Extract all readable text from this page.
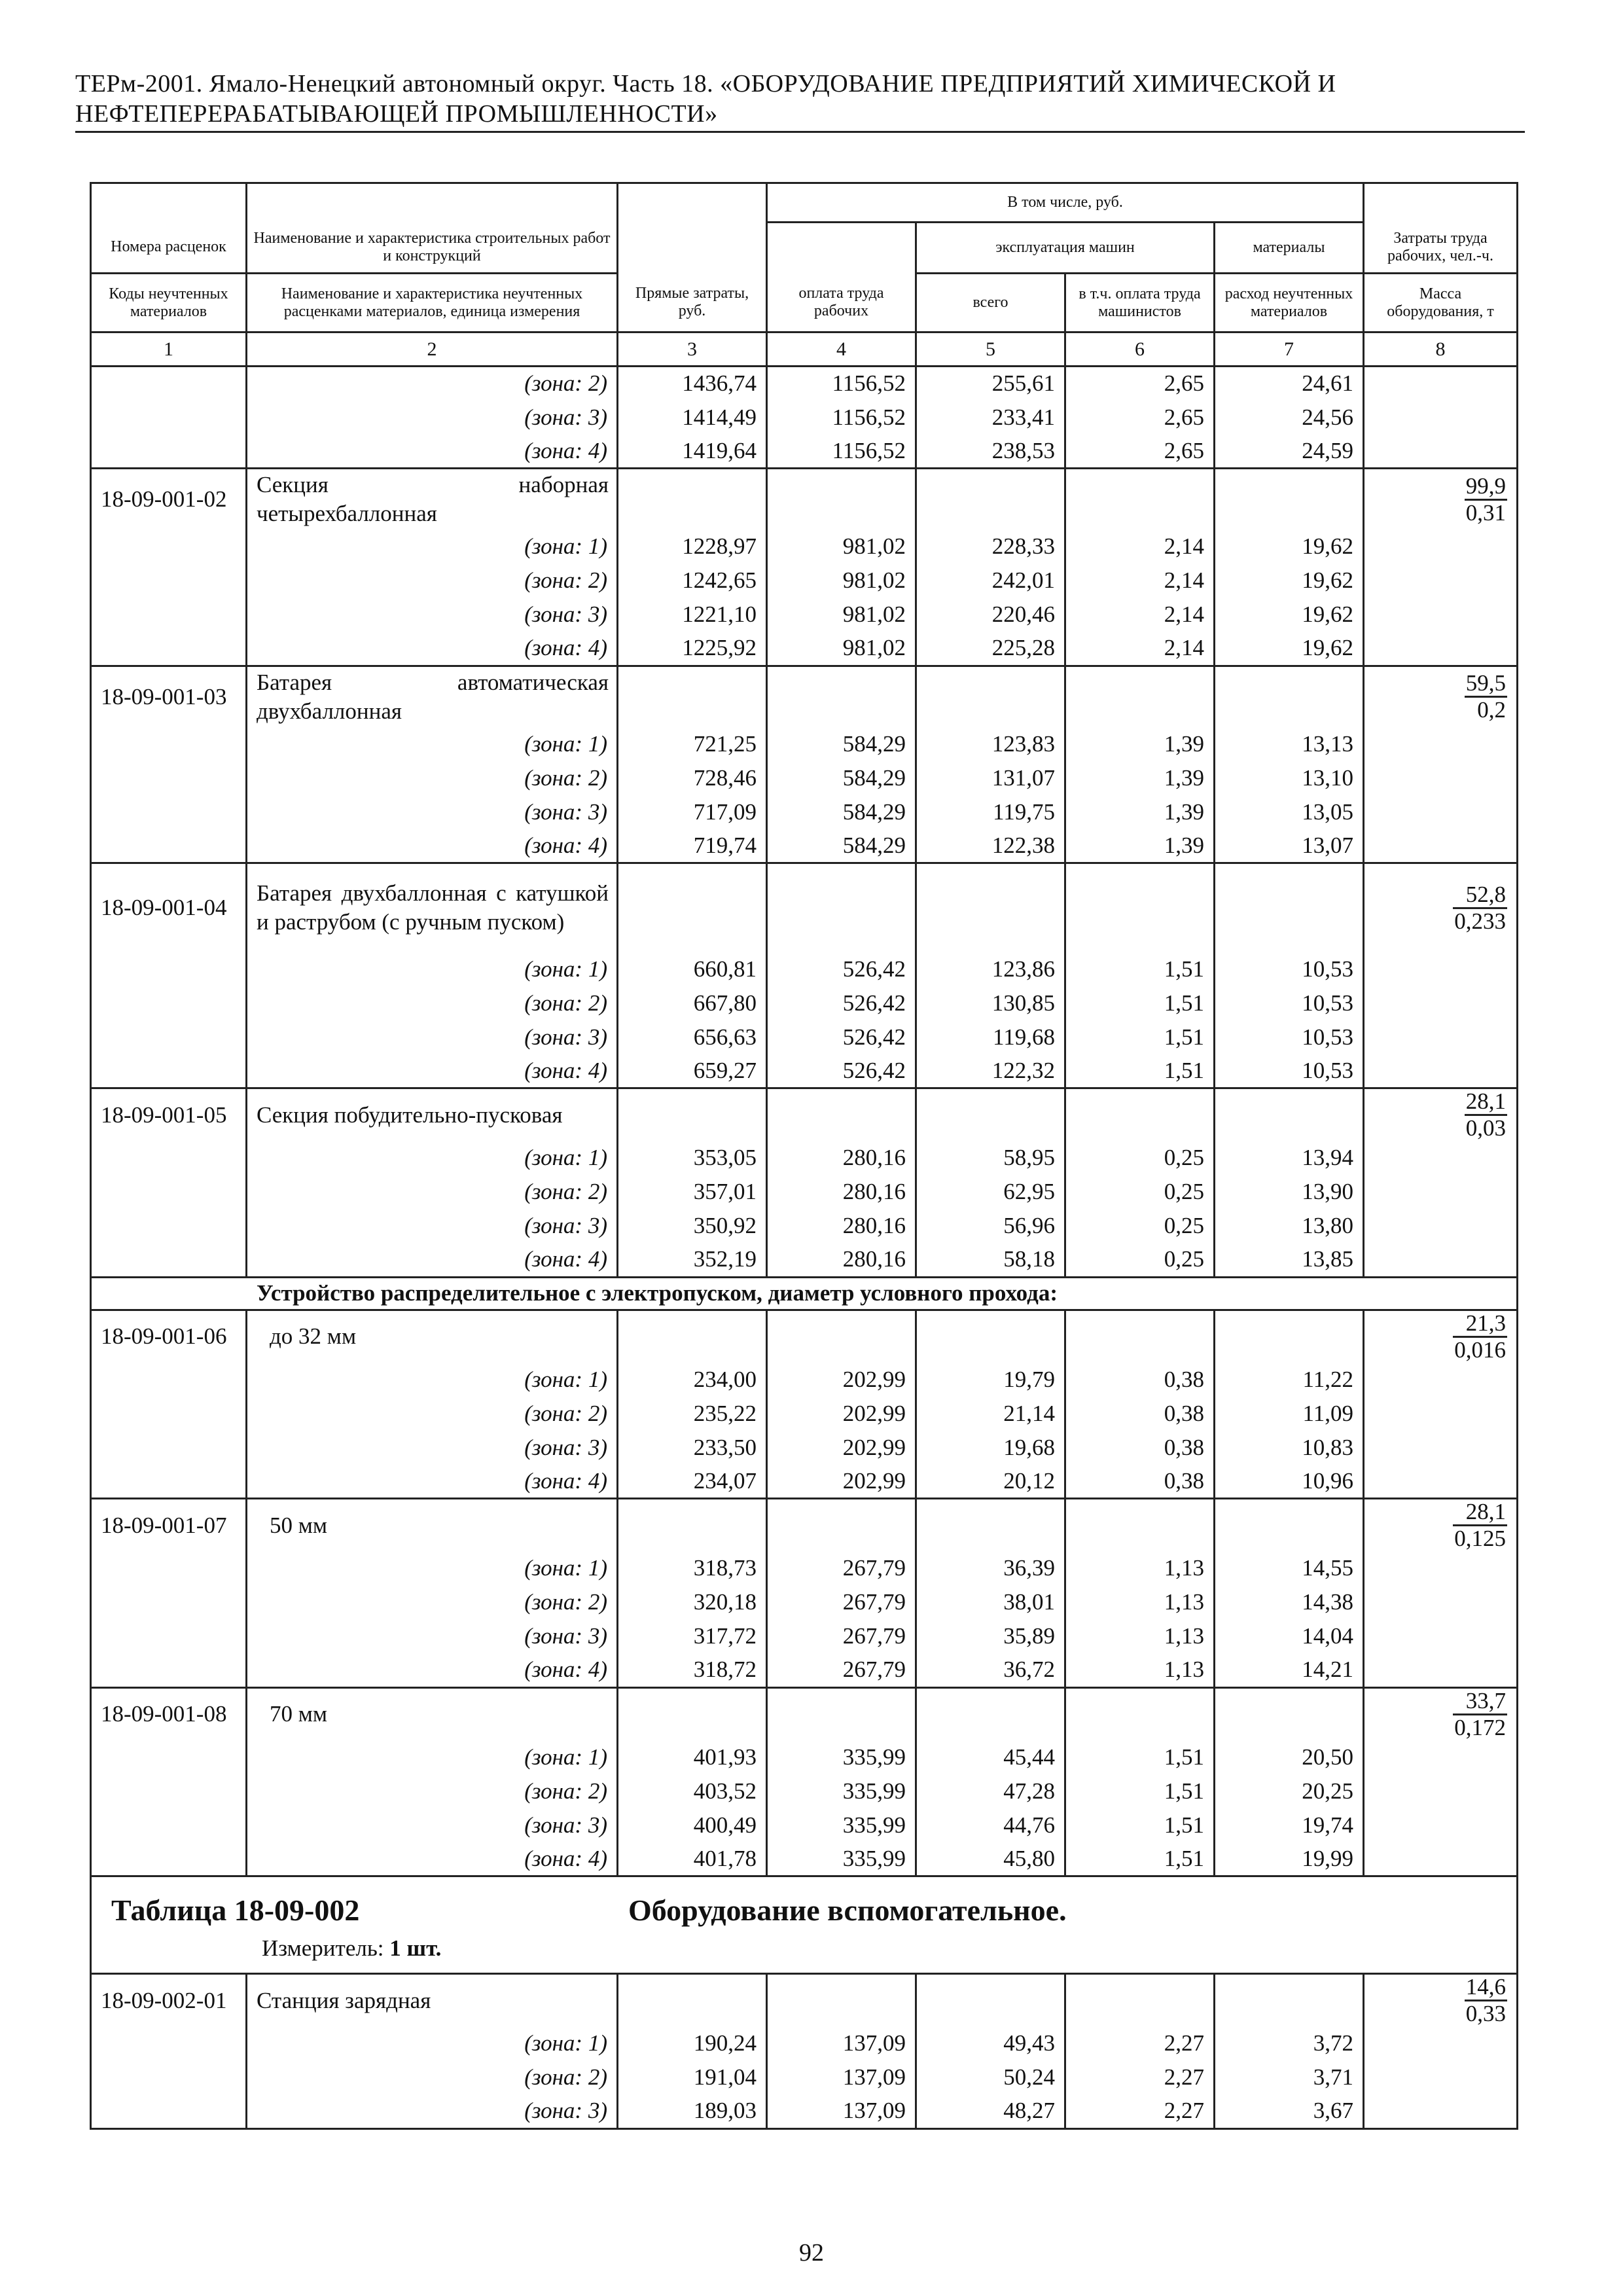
ТЕРм-2001. Ямало-Ненецкий автономный округ. Часть 18. «ОБОРУДОВАНИЕ ПРЕДПРИЯТИЙ ХИМИЧЕСКОЙ И
НЕФТЕПЕРЕРАБАТЫВАЮЩЕЙ ПРОМЫШЛЕННОСТИ»
			В том числе, руб.				
Номера расценок	Наименование и характеристика строительных работ и конструкций			эксплуатация машин		материалы	Затраты труда рабочих, чел.-ч.
Коды неучтенных материалов	Наименование и характеристика неучтенных расценками материалов, единица измерения	Прямые затраты, руб.	оплата труда рабочих	всего	в т.ч. оплата труда машинистов	расход неучтенных материалов	Масса оборудования, т
1	2	3	4	5	6	7	8
	(зона: 2)	1436,74	1156,52	255,61	2,65	24,61	
	(зона: 3)	1414,49	1156,52	233,41	2,65	24,56	
	(зона: 4)	1419,64	1156,52	238,53	2,65	24,59	
18-09-001-02	Секция наборная четырехбаллонная						$\frac{99,9}{0,31}$

	(зона: 1)	1228,97	981,02	228,33	2,14	19,62	
	(зона: 2)	1242,65	981,02	242,01	2,14	19,62	
	(зона: 3)	1221,10	981,02	220,46	2,14	19,62	
	(зона: 4)	1225,92	981,02	225,28	2,14	19,62	
18-09-001-03	Батарея автоматическая двухбаллонная						$\frac{59,5}{0,2}$

	(зона: 1)	721,25	584,29	123,83	1,39	13,13	
	(зона: 2)	728,46	584,29	131,07	1,39	13,10	
	(зона: 3)	717,09	584,29	119,75	1,39	13,05	
	(зона: 4)	719,74	584,29	122,38	1,39	13,07	
18-09-001-04	Батарея двухбаллонная с катушкой и раструбом (с ручным пуском)						$\frac{52,8}{0,233}$

	(зона: 1)	660,81	526,42	123,86	1,51	10,53	
	(зона: 2)	667,80	526,42	130,85	1,51	10,53	
	(зона: 3)	656,63	526,42	119,68	1,51	10,53	
	(зона: 4)	659,27	526,42	122,32	1,51	10,53	
18-09-001-05	Секция побудительно-пусковая						$\frac{28,1}{0,03}$

	(зона: 1)	353,05	280,16	58,95	0,25	13,94	
	(зона: 2)	357,01	280,16	62,95	0,25	13,90	
	(зона: 3)	350,92	280,16	56,96	0,25	13,80	
	(зона: 4)	352,19	280,16	58,18	0,25	13,85	
Устройство распределительное с электропуском, диаметр условного прохода:							
18-09-001-06	до 32 мм						$\frac{21,3}{0,016}$

	(зона: 1)	234,00	202,99	19,79	0,38	11,22	
	(зона: 2)	235,22	202,99	21,14	0,38	11,09	
	(зона: 3)	233,50	202,99	19,68	0,38	10,83	
	(зона: 4)	234,07	202,99	20,12	0,38	10,96	
18-09-001-07	50 мм						$\frac{28,1}{0,125}$

	(зона: 1)	318,73	267,79	36,39	1,13	14,55	
	(зона: 2)	320,18	267,79	38,01	1,13	14,38	
	(зона: 3)	317,72	267,79	35,89	1,13	14,04	
	(зона: 4)	318,72	267,79	36,72	1,13	14,21	
18-09-001-08	70 мм						$\frac{33,7}{0,172}$

	(зона: 1)	401,93	335,99	45,44	1,51	20,50	
	(зона: 2)	403,52	335,99	47,28	1,51	20,25	
	(зона: 3)	400,49	335,99	44,76	1,51	19,74	
	(зона: 4)	401,78	335,99	45,80	1,51	19,99	

Таблица 18-09-002 Оборудование вспомогательное.
Измеритель: 1 шт.							

18-09-002-01	Станция зарядная						$\frac{14,6}{0,33}$

	(зона: 1)	190,24	137,09	49,43	2,27	3,72	
	(зона: 2)	191,04	137,09	50,24	2,27	3,71	
	(зона: 3)	189,03	137,09	48,27	2,27	3,67	
92
